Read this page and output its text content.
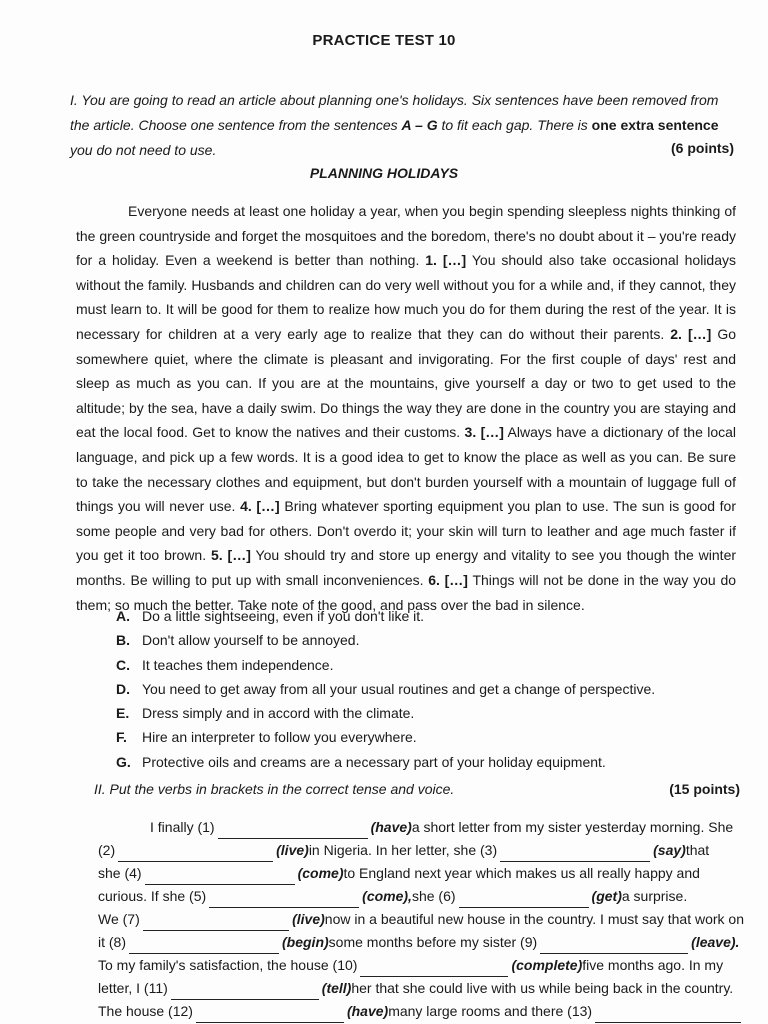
PRACTICE TEST 10
I. You are going to read an article about planning one's holidays. Six sentences have been removed from the article. Choose one sentence from the sentences A – G to fit each gap. There is one extra sentence you do not need to use.	(6 points)
PLANNING HOLIDAYS

Everyone needs at least one holiday a year, when you begin spending sleepless nights thinking of the green countryside and forget the mosquitoes and the boredom, there's no doubt about it – you're ready for a holiday. Even a weekend is better than nothing. 1. […] You should also take occasional holidays without the family. Husbands and children can do very well without you for a while and, if they cannot, they must learn to. It will be good for them to realize how much you do for them during the rest of the year. It is necessary for children at a very early age to realize that they can do without their parents. 2. […] Go somewhere quiet, where the climate is pleasant and invigorating. For the first couple of days' rest and sleep as much as you can. If you are at the mountains, give yourself a day or two to get used to the altitude; by the sea, have a daily swim. Do things the way they are done in the country you are staying and eat the local food. Get to know the natives and their customs. 3. […] Always have a dictionary of the local language, and pick up a few words. It is a good idea to get to know the place as well as you can. Be sure to take the necessary clothes and equipment, but don't burden yourself with a mountain of luggage full of things you will never use. 4. […] Bring whatever sporting equipment you plan to use. The sun is good for some people and very bad for others. Don't overdo it; your skin will turn to leather and age much faster if you get it too brown. 5. […] You should try and store up energy and vitality to see you though the winter months. Be willing to put up with small inconveniences. 6. […] Things will not be done in the way you do them; so much the better. Take note of the good, and pass over the bad in silence.

A. Do a little sightseeing, even if you don't like it.
B. Don't allow yourself to be annoyed.
C. It teaches them independence.
D. You need to get away from all your usual routines and get a change of perspective.
E. Dress simply and in accord with the climate.
F.	Hire an interpreter to follow you everywhere.
G. Protective oils and creams are a necessary part of your holiday equipment.
II. Put the verbs in brackets in the correct tense and voice.	(15 points)
I finally (1)	(have) a short letter from my sister yesterday morning. She
(2)	(live) in Nigeria. In her letter, she (3)	(say) that
she (4)	(come) to England next year which makes us all really happy and
curious. If she (5)	(come), she (6)	(get) a surprise.
We (7)	(live) now in a beautiful new house in the country. I must say that work on
it (8)	(begin) some months before my sister (9)	(leave).
To my family's satisfaction, the house (10)	(complete) five months ago. In my
letter, I (11)	(tell) her that she could live with us while being back in the country.
The house (12)	(have) many large rooms and there (13)
